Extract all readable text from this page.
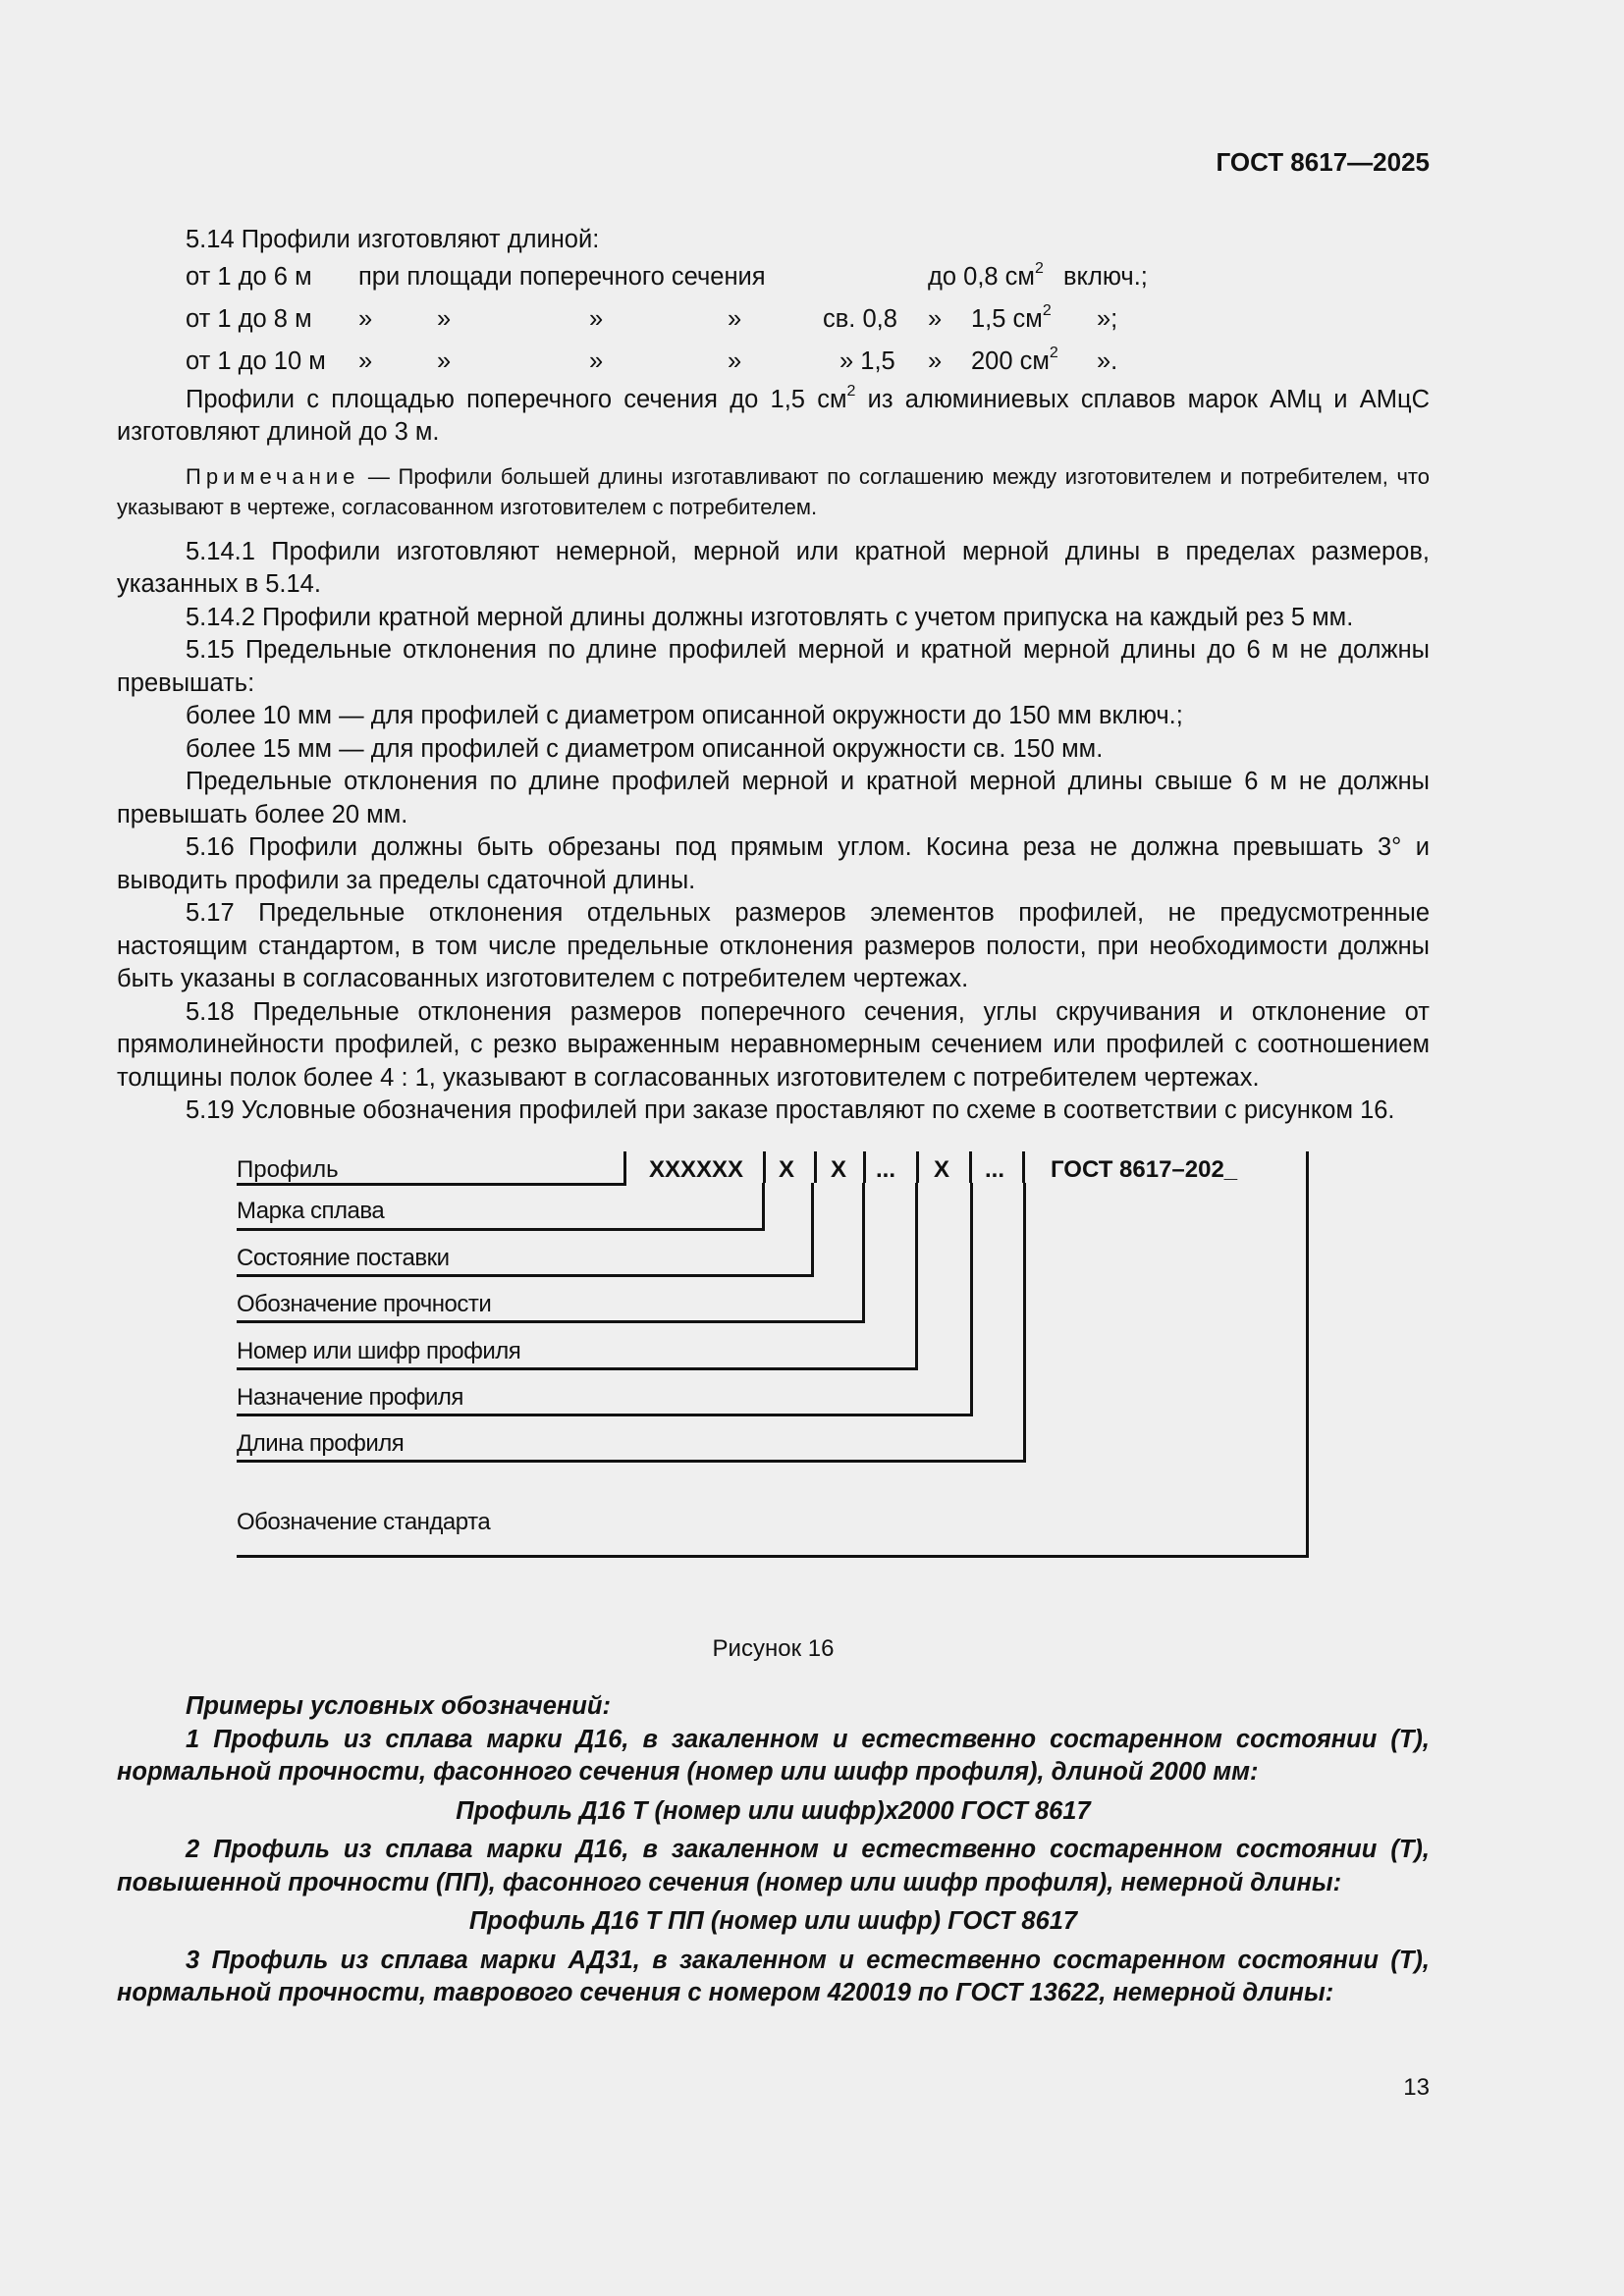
ГОСТ 8617—2025

5.14 Профили изготовляют длиной:

от 1 до 6 м при площади поперечного сечения	до 0,8 $см^2$ включ.;
от 1 до 8 м »	»	»	»	св. 0,8 » 1,5 $см^2$ »;
от 1 до 10 м »	»	»	»	» 1,5 » 200 $см^2$ ».

Профили с площадью поперечного сечения до 1,5 $см^2$ из алюминиевых сплавов марок АМц и АМцС изготовляют длиной до 3 м.

Примечание — Профили большей длины изготавливают по соглашению между изготовителем и потребителем, что указывают в чертеже, согласованном изготовителем с потребителем.

5.14.1 Профили изготовляют немерной, мерной или кратной мерной длины в пределах размеров, указанных в 5.14.

5.14.2 Профили кратной мерной длины должны изготовлять с учетом припуска на каждый рез 5 мм.

5.15 Предельные отклонения по длине профилей мерной и кратной мерной длины до 6 м не должны превышать:

более 10 мм — для профилей с диаметром описанной окружности до 150 мм включ.;

более 15 мм — для профилей с диаметром описанной окружности св. 150 мм.

Предельные отклонения по длине профилей мерной и кратной мерной длины свыше 6 м не должны превышать более 20 мм.

5.16 Профили должны быть обрезаны под прямым углом. Косина реза не должна превышать 3° и выводить профили за пределы сдаточной длины.

5.17 Предельные отклонения отдельных размеров элементов профилей, не предусмотренные настоящим стандартом, в том числе предельные отклонения размеров полости, при необходимости должны быть указаны в согласованных изготовителем с потребителем чертежах.

5.18 Предельные отклонения размеров поперечного сечения, углы скручивания и отклонение от прямолинейности профилей, с резко выраженным неравномерным сечением или профилей с соотношением толщины полок более 4 : 1, указывают в согласованных изготовителем с потребителем чертежах.

5.19 Условные обозначения профилей при заказе проставляют по схеме в соответствии с рисунком 16.

Профиль	XXXXXX X X ... X ... ГОСТ 8617–202_
Марка сплава
Состояние поставки
Обозначение прочности
Номер или шифр профиля
Назначение профиля
Длина профиля
Обозначение стандарта
Рисунок 16

Примеры условных обозначений:

1 Профиль из сплава марки Д16, в закаленном и естественно состаренном состоянии (Т), нормальной прочности, фасонного сечения (номер или шифр профиля), длиной 2000 мм:

Профиль Д16 Т (номер или шифр)x2000 ГОСТ 8617

2 Профиль из сплава марки Д16, в закаленном и естественно состаренном состоянии (Т), повышенной прочности (ПП), фасонного сечения (номер или шифр профиля), немерной длины:

Профиль Д16 Т ПП (номер или шифр) ГОСТ 8617

3 Профиль из сплава марки АД31, в закаленном и естественно состаренном состоянии (Т), нормальной прочности, таврового сечения с номером 420019 по ГОСТ 13622, немерной длины:

13
